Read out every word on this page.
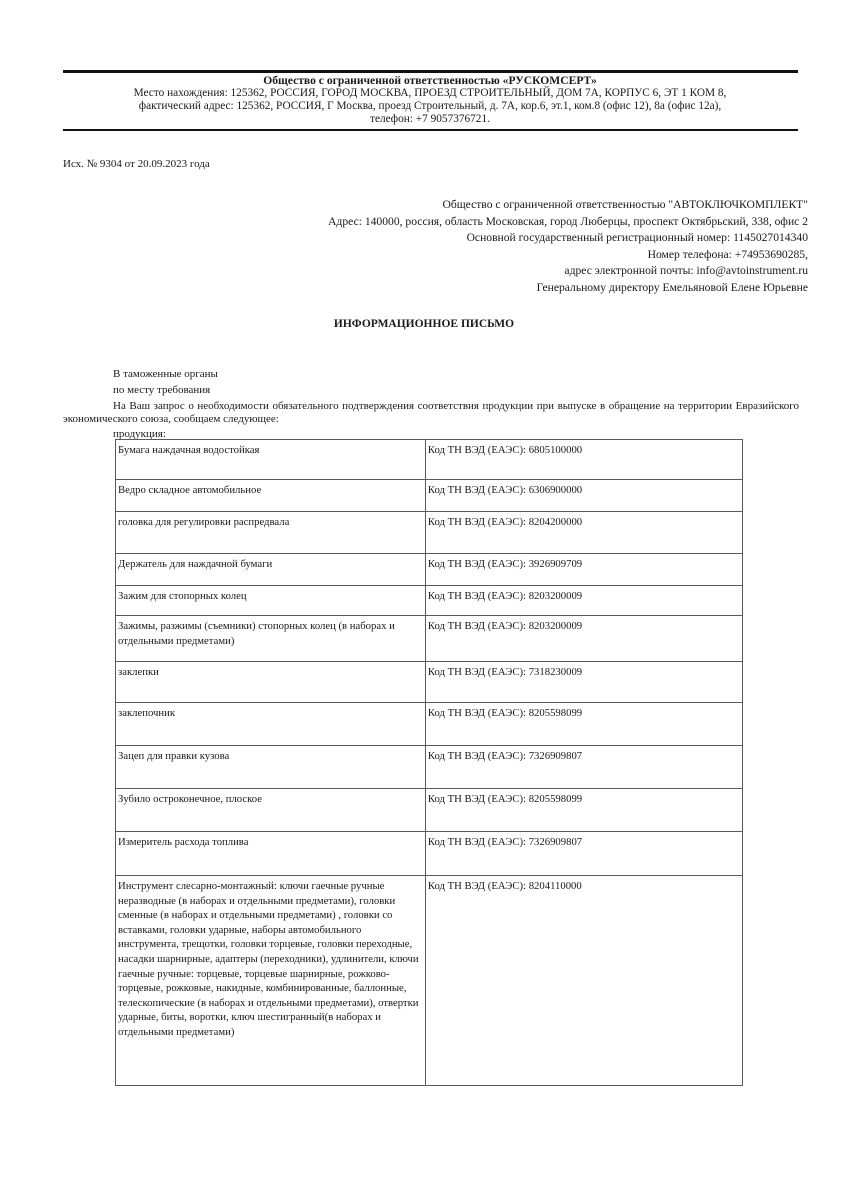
Общество с ограниченной ответственностью «РУСКОМСЕРТ»
Место нахождения: 125362, РОССИЯ, ГОРОД МОСКВА, ПРОЕЗД СТРОИТЕЛЬНЫЙ, ДОМ 7А, КОРПУС 6, ЭТ 1 КОМ 8,
фактический адрес: 125362, РОССИЯ, Г Москва, проезд Строительный, д. 7А, кор.6, эт.1, ком.8 (офис 12), 8а (офис 12а),
телефон: +7 9057376721.
Исх. № 9304 от 20.09.2023 года
Общество с ограниченной ответственностью "АВТОКЛЮЧКОМПЛЕКТ"
Адрес: 140000, россия, область Московская, город Люберцы, проспект Октябрьский, 338, офис 2
Основной государственный регистрационный номер: 1145027014340
Номер телефона: +74953690285,
адрес электронной почты: info@avtoinstrument.ru
Генеральному директору Емельяновой Елене Юрьевне
ИНФОРМАЦИОННОЕ ПИСЬМО
В таможенные органы
по месту требования
На Ваш запрос о необходимости обязательного подтверждения соответствия продукции при выпуске в обращение на территории Евразийского экономического союза, сообщаем следующее:
продукция:
Бумага наждачная водостойкая	Код ТН ВЭД (ЕАЭС): 6805100000
Ведро складное автомобильное	Код ТН ВЭД (ЕАЭС): 6306900000
головка для регулировки распредвала	Код ТН ВЭД (ЕАЭС): 8204200000
Держатель для наждачной бумаги	Код ТН ВЭД (ЕАЭС): 3926909709
Зажим для стопорных колец	Код ТН ВЭД (ЕАЭС): 8203200009
Зажимы, разжимы (съемники) стопорных колец (в наборах и отдельными предметами)	Код ТН ВЭД (ЕАЭС): 8203200009
заклепки	Код ТН ВЭД (ЕАЭС): 7318230009
заклепочник	Код ТН ВЭД (ЕАЭС): 8205598099
Зацеп для правки кузова	Код ТН ВЭД (ЕАЭС): 7326909807
Зубило остроконечное, плоское	Код ТН ВЭД (ЕАЭС): 8205598099
Измеритель расхода топлива	Код ТН ВЭД (ЕАЭС): 7326909807
Инструмент слесарно-монтажный: ключи гаечные ручные неразводные (в наборах и отдельными предметами), головки сменные (в наборах и отдельными предметами) , головки со вставками, головки ударные, наборы автомобильного инструмента, трещотки, головки торцевые, головки переходные, насадки шарнирные, адаптеры (переходники), удлинители, ключи гаечные ручные: торцевые, торцевые шарнирные, рожково-торцевые, рожковые, накидные, комбинированные, баллонные, телескопические (в наборах и отдельными предметами), отвертки ударные, биты, воротки, ключ шестигранный(в наборах и отдельными предметами)	Код ТН ВЭД (ЕАЭС): 8204110000
